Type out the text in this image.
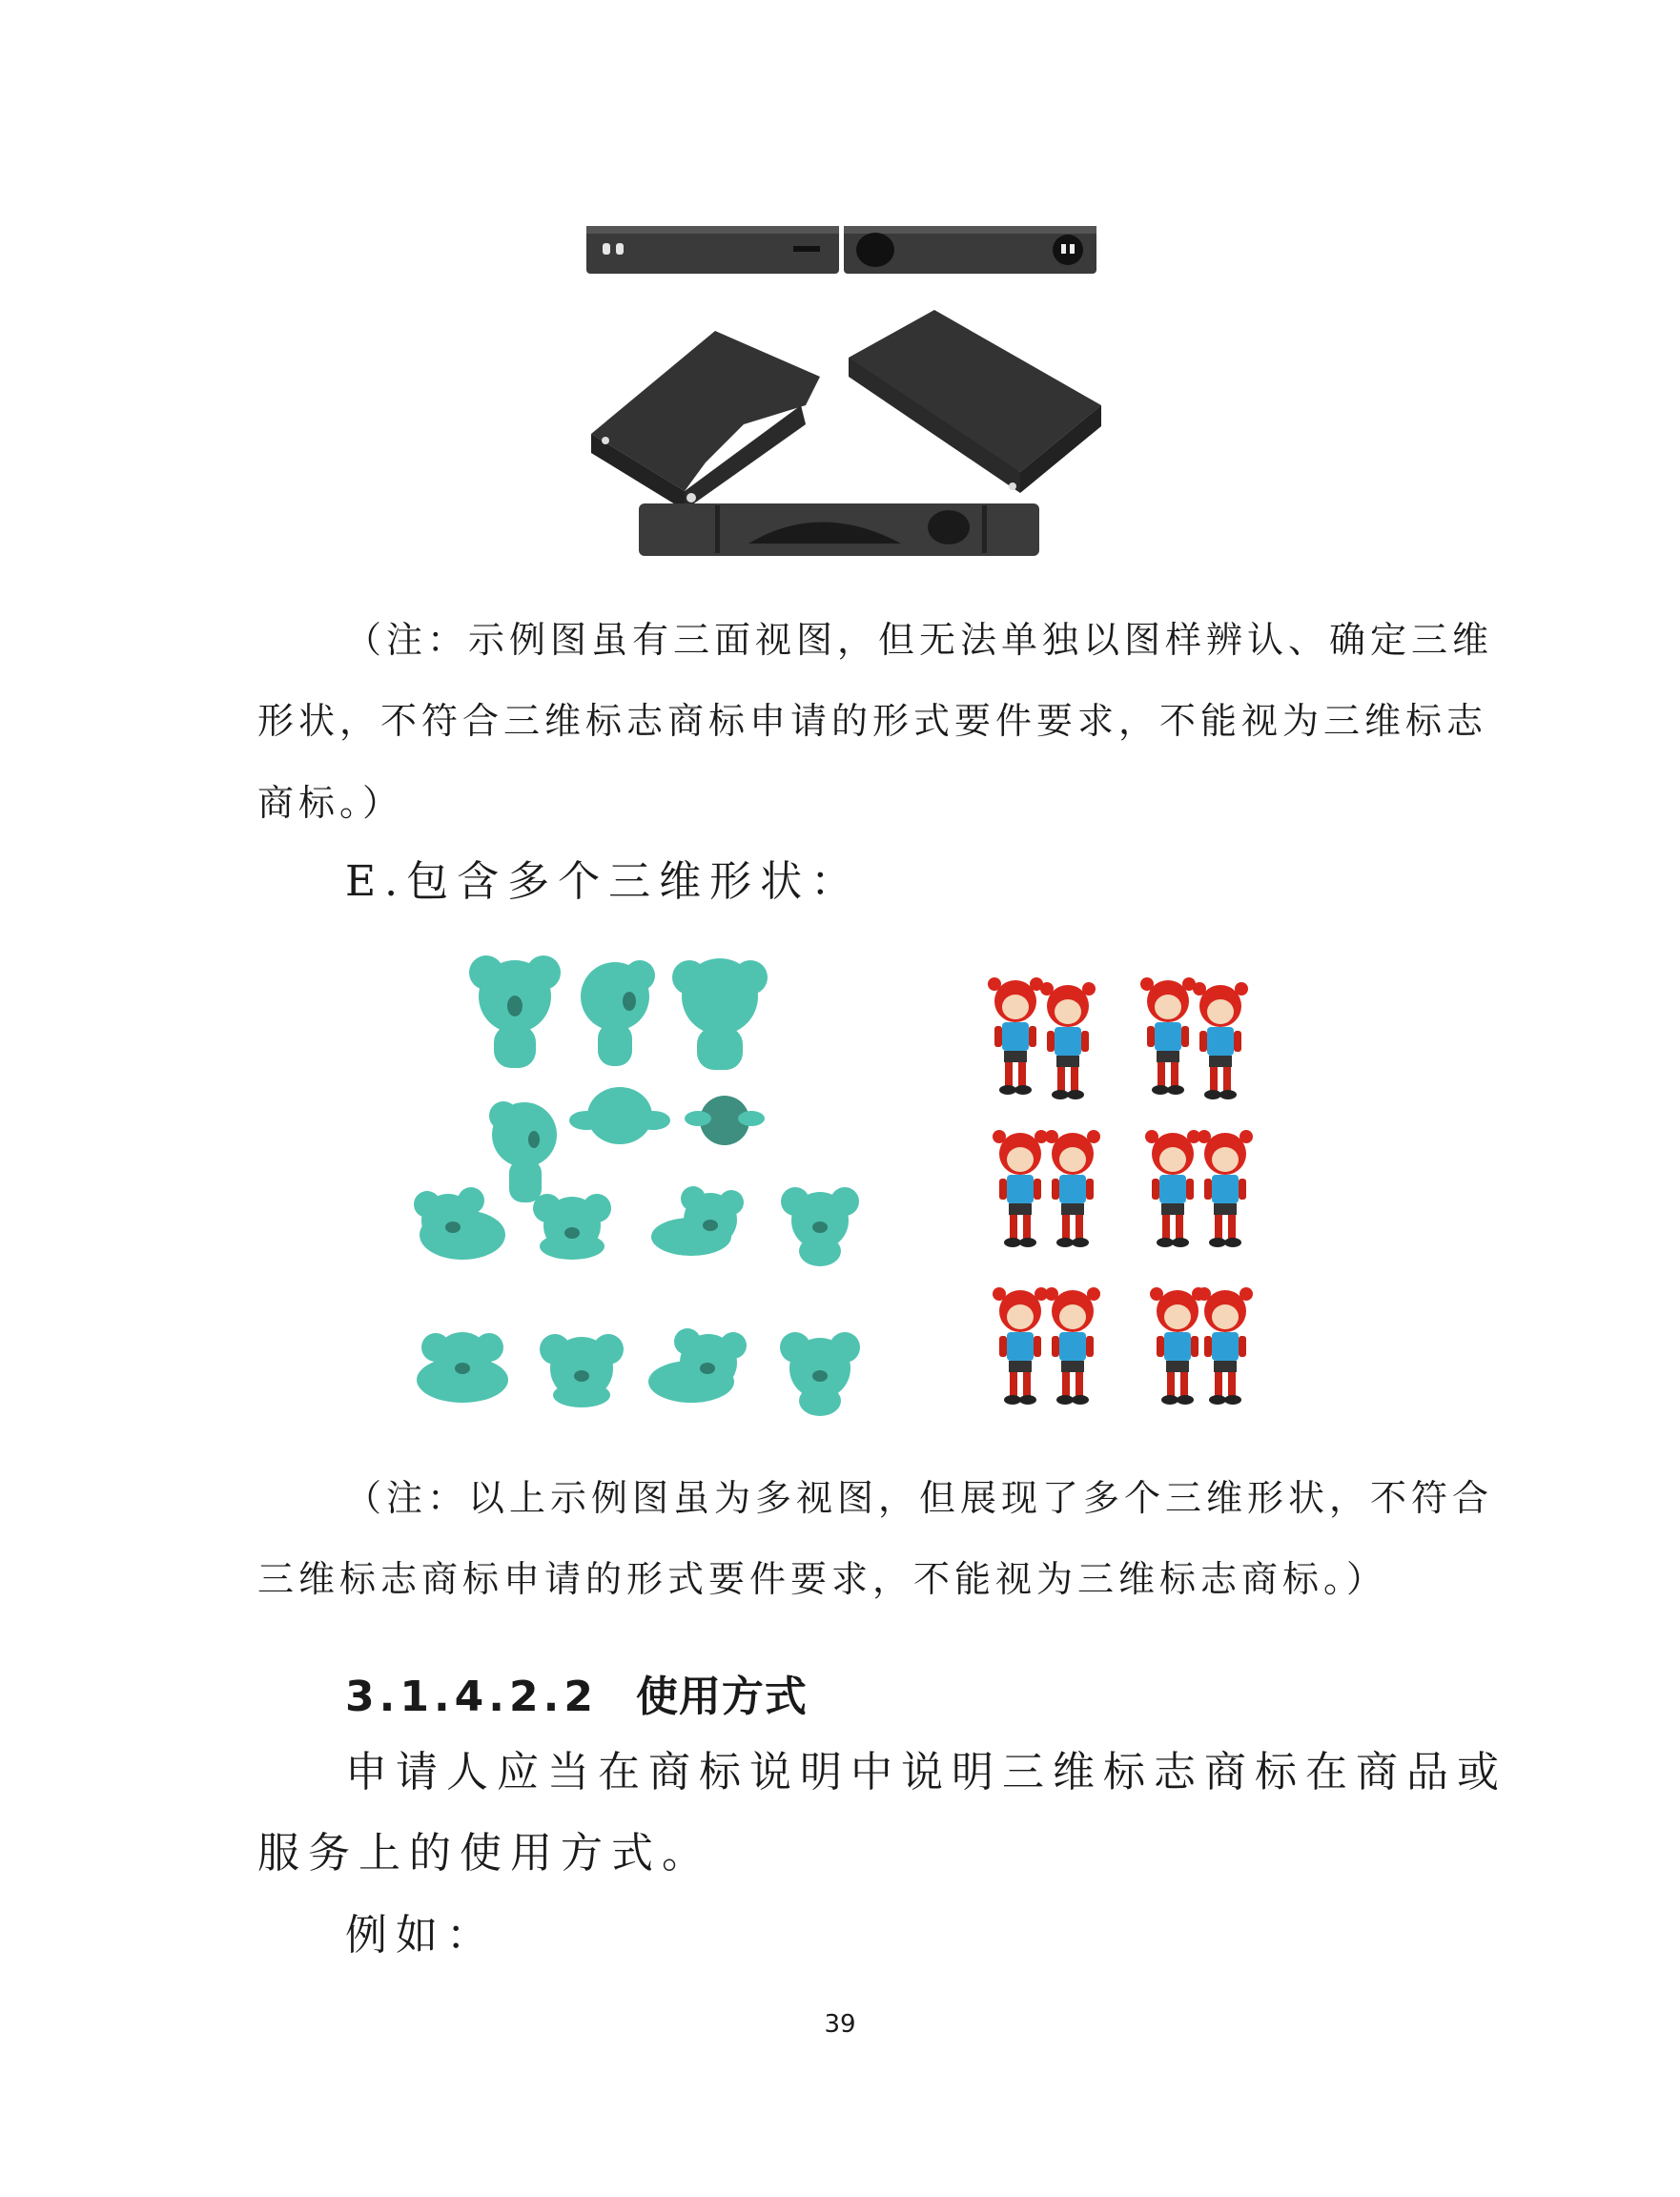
（注：示例图虽有三面视图，但无法单独以图样辨认、确定三维
形状，不符合三维标志商标申请的形式要件要求，不能视为三维标志
商标。）
E.包含多个三维形状：
（注：以上示例图虽为多视图，但展现了多个三维形状，不符合
三维标志商标申请的形式要件要求，不能视为三维标志商标。）
3.1.4.2.2 使用方式
申请人应当在商标说明中说明三维标志商标在商品或
服务上的使用方式。
例如：
39
